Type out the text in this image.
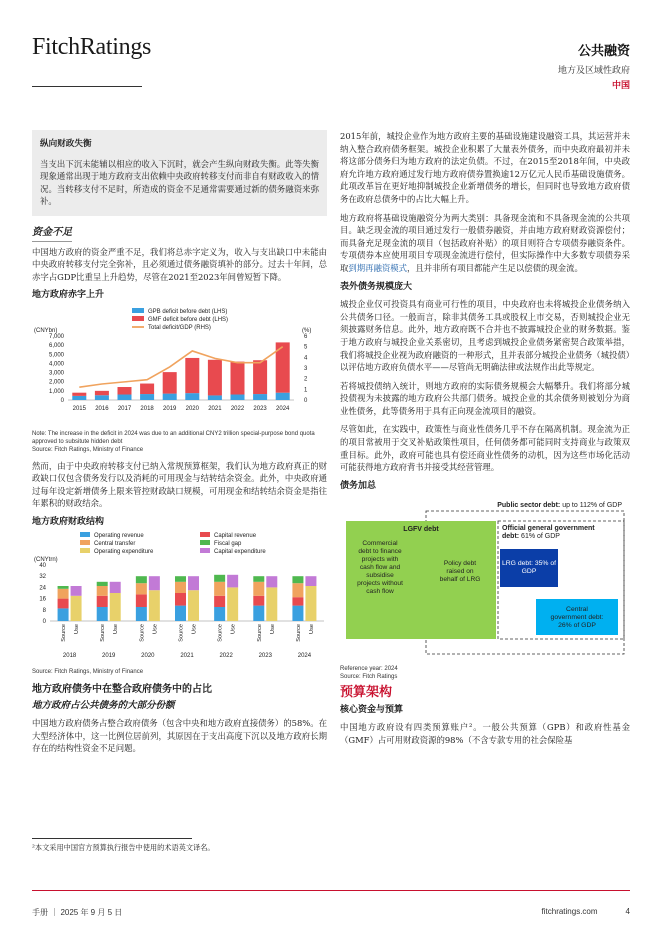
FitchRatings	公共融资
地方及区域性政府
中国
纵向财政失衡

当支出下沉未能辅以相应的收入下沉时，就会产生纵向财政失衡。此等失衡现象通常出现于地方政府支出依赖中央政府转移支付而非自有财政收入的情况。当转移支付不足时，所造成的资金不足通常需要通过新的债务融资来弥补。

资金不足

中国地方政府的资金严重不足，我们将总赤字定义为，收入与支出缺口中未能由中央政府转移支付完全弥补，且必须通过债务融资填补的部分。过去十年间，总赤字占GDP比重呈上升趋势，尽管在2021至2023年间曾短暂下降。

地方政府赤字上升
GPB deficit before debt (LHS)
GMF deficit before debt (LHS)
Total deficit/GDP (RHS)
(CNYbn)	(%)
7,000
6,000
5,000
4,000
3,000
2,000
1,000
0
6
5
4
3
2
1
0
2015 2016 2017 2018 2019 2020 2021 2022 2023 2024
Note: The increase in the deficit in 2024 was due to an additional CNY2 trillion special-purpose bond quota approved to subsitute hidden debt
Source: Fitch Ratings, Ministry of Finance

然而，由于中央政府转移支付已纳入常规预算框架，我们认为地方政府真正的财政缺口仅包含债务发行以及消耗的可用现金与结转结余资金。此外，中央政府通过每年设定新增债务上限来管控财政缺口规模，可用现金和结转结余资金是指往年累积的财政结余。

地方政府财政结构
Operating revenue	Capital revenue
Central transfer	Fiscal gap
Operating expenditure	Capital expenditure
(CNYtrn)
40
32
24
16
8
0
Source Use
2018
Source Use
2019
Source Use
2020
Source Use
2021
Source Use
2022
Source Use
2023
Source Use
2024
Source: Fitch Ratings, Ministry of Finance
地方政府债务中在整合政府债务中的占比
地方政府占公共债务的大部分份额

中国地方政府债务占整合政府债务（包含中央和地方政府直接债务）的58%。在大型经济体中，这一比例位居前列，其原因在于支出高度下沉以及地方政府长期存在的结构性资金不足问题。

2015年前，城投企业作为地方政府主要的基础设施建设融资工具，其运营并未纳入整合政府债务框架。城投企业积累了大量表外债务，而中央政府最初并未将这部分债务归为地方政府的法定负债。不过，在2015至2018年间，中央政府允许地方政府通过发行地方政府债券置换逾12万亿元人民币基础设施债务。此项改革旨在更好地抑制城投企业新增债务的增长，但同时也导致地方政府债务在政府总债务中的占比大幅上升。

地方政府将基础设施融资分为两大类别：具备现金流和不具备现金流的公共项目。缺乏现金流的项目通过发行一般债券融资，并由地方政府财政资源偿付；而具备充足现金流的项目（包括政府补贴）的项目则符合专项债券融资条件。专项债券本应使用项目专项现金流进行偿付，但实际操作中大多数专项债券采取到期再融资模式，且并非所有项目都能产生足以偿债的现金流。

表外债务规模庞大

城投企业仅可投资具有商业可行性的项目，中央政府也未将城投企业债务纳入公共债务口径。一般而言，除非其债务工具或股权上市交易，否则城投企业无须披露财务信息。此外，地方政府既不合并也不披露城投企业的财务数据。鉴于地方政府与城投企业关系密切，且考虑到城投企业债务紧密契合政策举措，我们将城投企业视为政府融资的一种形式，且并表部分城投企业债务（城投债）以评估地方政府负债水平——尽管尚无明确法律或法规作出此等规定。

若将城投债纳入统计，则地方政府的实际债务规模会大幅攀升。我们将部分城投债视为未披露的地方政府公共部门债务。城投企业的其余债务则被划分为商业性债务，此等债务用于具有正向现金流项目的融资。

尽管如此，在实践中，政策性与商业性债务几乎不存在隔离机制。现金流为正的项目常被用于交叉补贴政策性项目，任何债务都可能同时支持商业与政策双重目标。此外，政府可能也具有偿还商业性债务的动机，因为这些市场化活动可能获得地方政府背书并接受其经营管理。

债务加总
Public sector debt: up to 112% of GDP
LGFV debt
Commercial debt to finance projects with cash flow and subsidise projects without cash flow
Policy debt raised on behalf of LRG
Official general government debt: 61% of GDP
LRG debt: 35% of GDP
Central government debt: 26% of GDP
Reference year: 2024
Source: Fitch Ratings
预算架构
核心资金与预算

中国地方政府设有四类预算账户²。一般公共预算（GPB）和政府性基金（GMF）占可用财政资源的98%（不含专款专用的社会保险基

²本文采用中国官方预算执行报告中使用的术语英文译名。
手册 ｜ 2025 年 9 月 5 日	fitchratings.com	4
